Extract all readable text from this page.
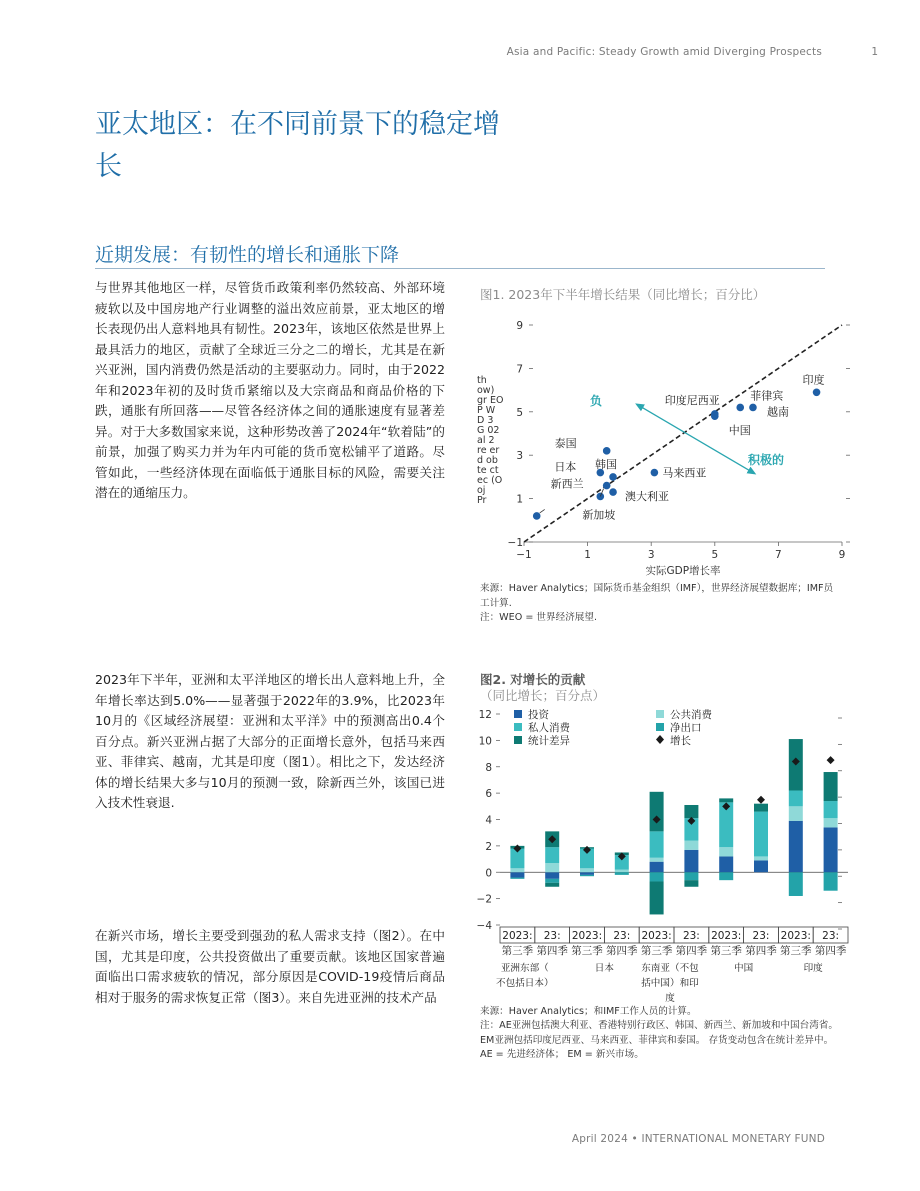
Asia and Pacific: Steady Growth amid Diverging Prospects	1
亚太地区：在不同前景下的稳定增
长
近期发展：有韧性的增长和通胀下降
与世界其他地区一样，尽管货币政策利率仍然较高、外部环境疲软以及中国房地产行业调整的溢出效应前景，亚太地区的增长表现仍出人意料地具有韧性。2023年，该地区依然是世界上最具活力的地区，贡献了全球近三分之二的增长，尤其是在新兴亚洲，国内消费仍然是活动的主要驱动力。同时，由于2022年和2023年初的及时货币紧缩以及大宗商品和商品价格的下跌，通胀有所回落——尽管各经济体之间的通胀速度有显著差异。对于大多数国家来说，这种形势改善了2024年“软着陆”的前景，加强了购买力并为年内可能的货币宽松铺平了道路。尽管如此，一些经济体现在面临低于通胀目标的风险，需要关注潜在的通缩压力。
2023年下半年，亚洲和太平洋地区的增长出人意料地上升，全年增长率达到5.0%——显著强于2022年的3.9%，比2023年10月的《区域经济展望：亚洲和太平洋》中的预测高出0.4个百分点。新兴亚洲占据了大部分的正面增长意外，包括马来西亚、菲律宾、越南，尤其是印度（图1）。相比之下，发达经济体的增长结果大多与10月的预测一致，除新西兰外，该国已进入技术性衰退.
在新兴市场，增长主要受到强劲的私人需求支持（图2）。在中国，尤其是印度，公共投资做出了重要贡献。该地区国家普遍面临出口需求疲软的情况，部分原因是COVID-19疫情后商品相对于服务的需求恢复正常（图3）。来自先进亚洲的技术产品
图1. 2023年下半年增长结果（同比增长；百分比）
−1
−1
1
1
3
3
5
5
7
7
9
9
实际GDP增长率
负
积极的
印度
菲律宾
越南
印度尼西亚
中国
泰国
日本 韩国
马来西亚
新西兰
澳大利亚
新加坡
th
ow)
gr EO
P W
D 3
G 02
al 2
re er
d ob
te ct
ec (O
oj
Pr
来源：Haver Analytics；国际货币基金组织（IMF），世界经济展望数据库；IMF员工计算.
注：WEO = 世界经济展望.
图2. 对增长的贡献
（同比增长；百分点）
−4
−2
0
2
4
6
8
10
12	投资	公共消费
私人消费	净出口
统计差异	增长
2023:
第三季
23:
第四季
2023:
第三季
23:
第四季
2023:
第三季
23:
第四季
2023:
第三季
23:
第四季
2023:
第三季
23:
第四季
亚洲东部（不包括日本）
日本	东南亚（不包括中国）和印度
中国	印度
来源：Haver Analytics；和IMF工作人员的计算。
注：AE亚洲包括澳大利亚、香港特别行政区、韩国、新西兰、新加坡和中国台湾省。 EM亚洲包括印度尼西亚、马来西亚、菲律宾和泰国。 存货变动包含在统计差异中。 AE = 先进经济体； EM = 新兴市场。
April 2024 • INTERNATIONAL MONETARY FUND
